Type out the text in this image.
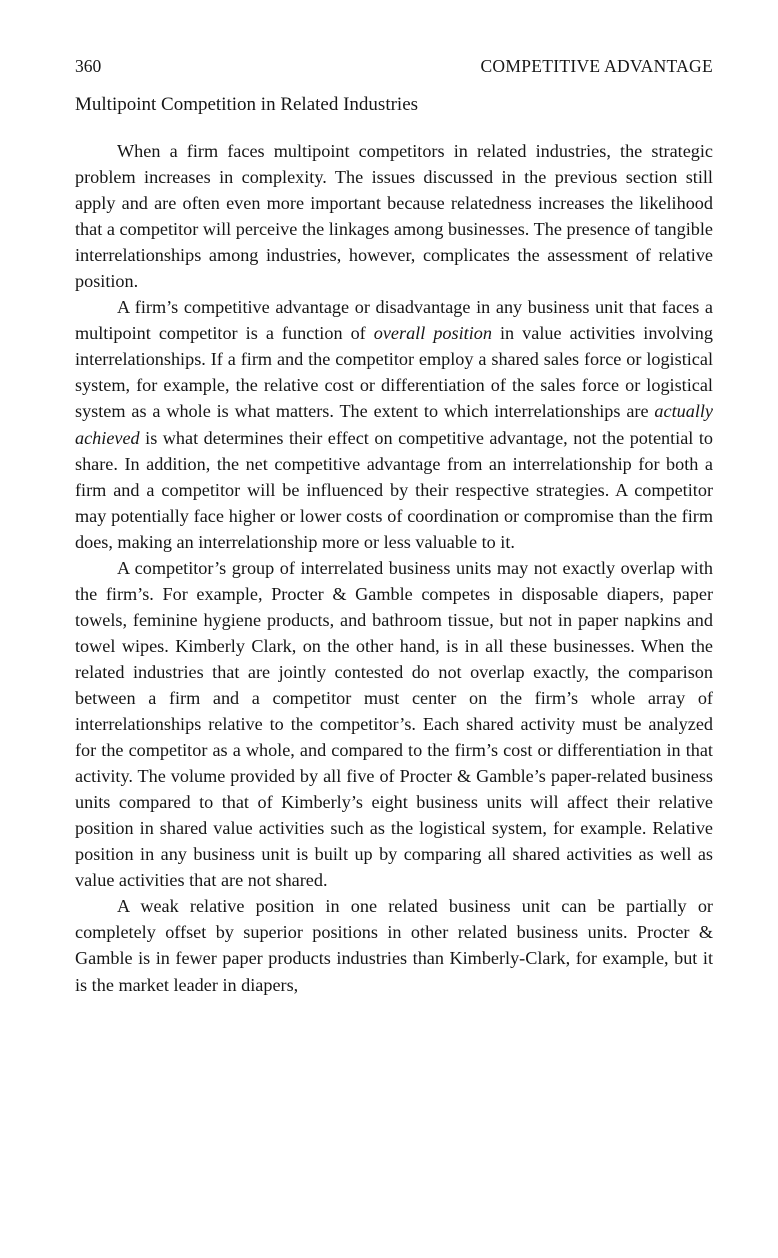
360	COMPETITIVE ADVANTAGE
Multipoint Competition in Related Industries

When a firm faces multipoint competitors in related industries, the strategic problem increases in complexity. The issues discussed in the previous section still apply and are often even more important because relatedness increases the likelihood that a competitor will perceive the linkages among businesses. The presence of tangible interrelationships among industries, however, complicates the assessment of relative position.

A firm’s competitive advantage or disadvantage in any business unit that faces a multipoint competitor is a function of overall position in value activities involving interrelationships. If a firm and the competitor employ a shared sales force or logistical system, for example, the relative cost or differentiation of the sales force or logistical system as a whole is what matters. The extent to which interrelationships are actually achieved is what determines their effect on competitive advantage, not the potential to share. In addition, the net competitive advantage from an interrelationship for both a firm and a competitor will be influenced by their respective strategies. A competitor may potentially face higher or lower costs of coordination or compromise than the firm does, making an interrelationship more or less valuable to it.

A competitor’s group of interrelated business units may not exactly overlap with the firm’s. For example, Procter & Gamble competes in disposable diapers, paper towels, feminine hygiene products, and bathroom tissue, but not in paper napkins and towel wipes. Kimberly Clark, on the other hand, is in all these businesses. When the related industries that are jointly contested do not overlap exactly, the comparison between a firm and a competitor must center on the firm’s whole array of interrelationships relative to the competitor’s. Each shared activity must be analyzed for the competitor as a whole, and compared to the firm’s cost or differentiation in that activity. The volume provided by all five of Procter & Gamble’s paper-related business units compared to that of Kimberly’s eight business units will affect their relative position in shared value activities such as the logistical system, for example. Relative position in any business unit is built up by comparing all shared activities as well as value activities that are not shared.

A weak relative position in one related business unit can be partially or completely offset by superior positions in other related business units. Procter & Gamble is in fewer paper products industries than Kimberly-Clark, for example, but it is the market leader in diapers,
